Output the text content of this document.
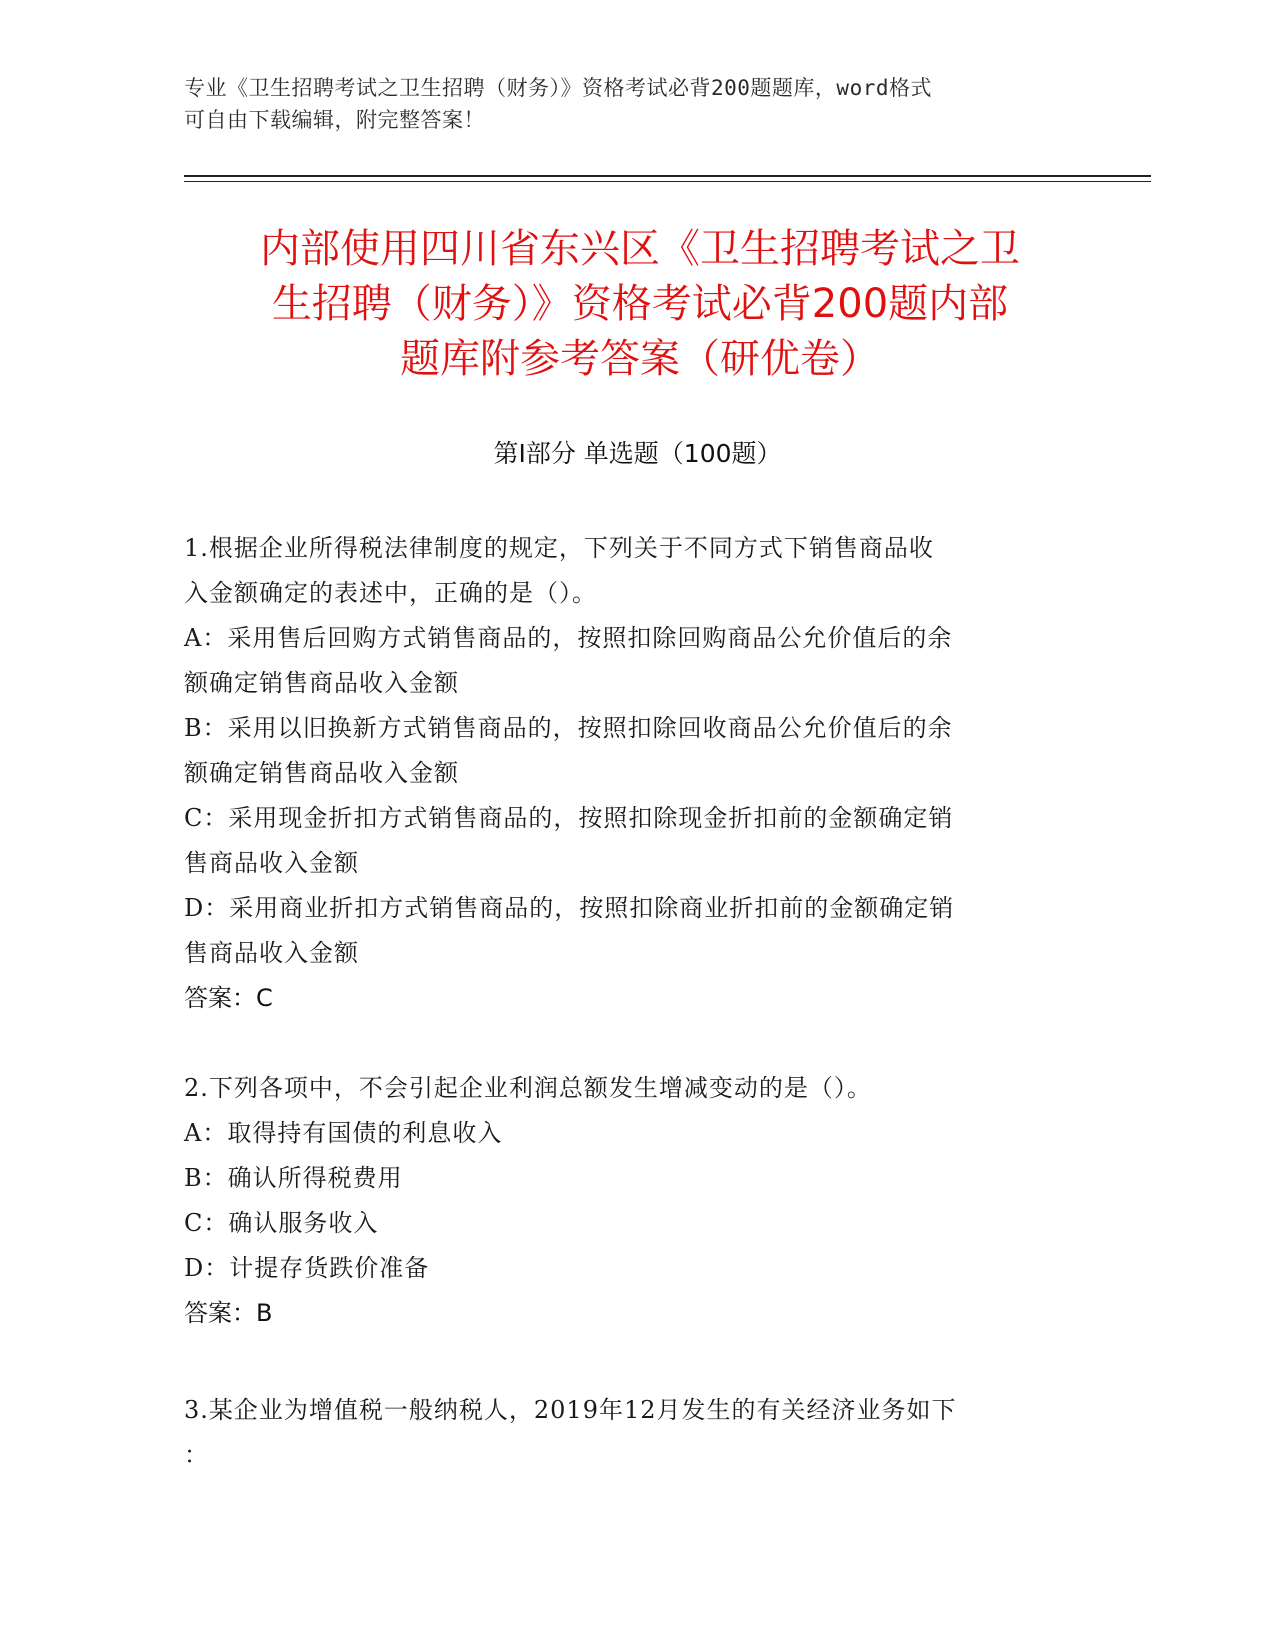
专业《卫生招聘考试之卫生招聘（财务）》资格考试必背200题题库，word格式
可自由下载编辑，附完整答案！
内部使用四川省东兴区《卫生招聘考试之卫
生招聘（财务）》资格考试必背200题内部
题库附参考答案（研优卷）
第Ⅰ部分 单选题（100题）
1.根据企业所得税法律制度的规定，下列关于不同方式下销售商品收
入金额确定的表述中，正确的是（）。
A：采用售后回购方式销售商品的，按照扣除回购商品公允价值后的余
额确定销售商品收入金额
B：采用以旧换新方式销售商品的，按照扣除回收商品公允价值后的余
额确定销售商品收入金额
C：采用现金折扣方式销售商品的，按照扣除现金折扣前的金额确定销
售商品收入金额
D：采用商业折扣方式销售商品的，按照扣除商业折扣前的金额确定销
售商品收入金额
答案：C
2.下列各项中，不会引起企业利润总额发生增减变动的是（）。
A：取得持有国债的利息收入
B：确认所得税费用
C：确认服务收入
D：计提存货跌价准备
答案：B
3.某企业为增值税一般纳税人，2019年12月发生的有关经济业务如下
：
